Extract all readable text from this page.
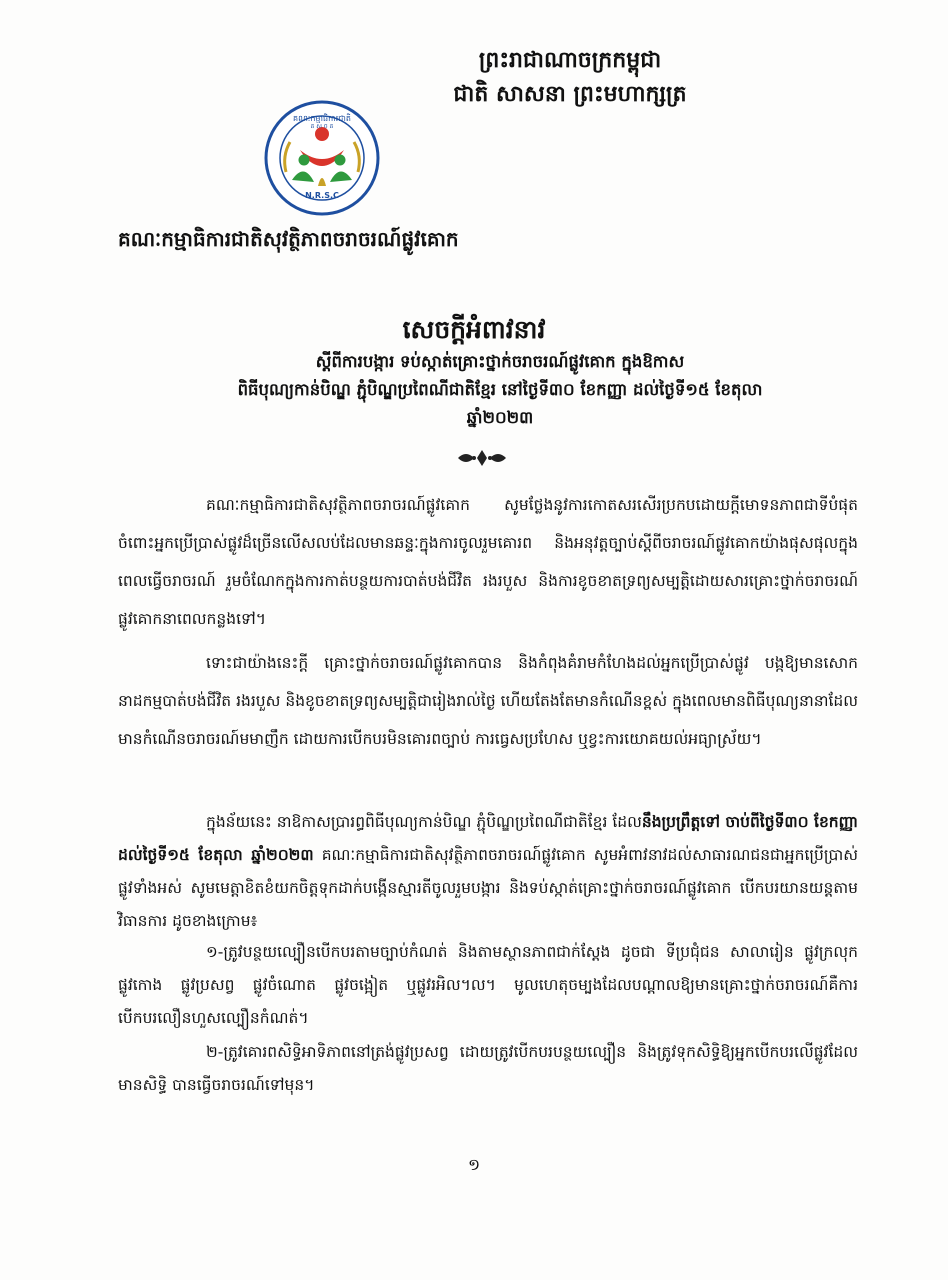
ព្រះរាជាណាចក្រកម្ពុជា
ជាតិ សាសនា ព្រះមហាក្សត្រ
គណៈកម្មាធិការជាតិ
គ ស ច គ
N.R.S.C
គណៈកម្មាធិការជាតិសុវត្ថិភាពចរាចរណ៍ផ្លូវគោក
សេចក្តីអំពាវនាវ
ស្តីពីការបង្ការ ទប់ស្កាត់គ្រោះថ្នាក់ចរាចរណ៍ផ្លូវគោក ក្នុងឱកាស
ពិធីបុណ្យកាន់បិណ្ឌ ភ្ជុំបិណ្ឌប្រពៃណីជាតិខ្មែរ នៅថ្ងៃទី៣០ ខែកញ្ញា ដល់ថ្ងៃទី១៥ ខែតុលា
ឆ្នាំ២០២៣
គណៈកម្មាធិការជាតិសុវត្ថិភាពចរាចរណ៍ផ្លូវគោក សូមថ្លែងនូវការកោតសរសើរប្រកបដោយក្តីមោទនភាពជាទីបំផុត ចំពោះអ្នកប្រើប្រាស់ផ្លូវដ៏ច្រើនលើសលប់ដែលមានឆន្ទៈក្នុងការចូលរួមគោរព និងអនុវត្តច្បាប់ស្តីពីចរាចរណ៍ផ្លូវគោកយ៉ាងផុសផុលក្នុងពេលធ្វើចរាចរណ៍ រួមចំណែកក្នុងការកាត់បន្ថយការបាត់បង់ជីវិត រងរបួស និងការខូចខាតទ្រព្យសម្បត្តិដោយសារគ្រោះថ្នាក់ចរាចរណ៍ផ្លូវគោកនាពេលកន្លងទៅ។
ទោះជាយ៉ាងនេះក្តី គ្រោះថ្នាក់ចរាចរណ៍ផ្លូវគោកបាន និងកំពុងគំរាមកំហែងដល់អ្នកប្រើប្រាស់ផ្លូវ បង្កឱ្យមានសោកនាដកម្មបាត់បង់ជីវិត រងរបួស និងខូចខាតទ្រព្យសម្បត្តិជារៀងរាល់ថ្ងៃ ហើយតែងតែមានកំណើនខ្ពស់ ក្នុងពេលមានពិធីបុណ្យនានាដែលមានកំណើនចរាចរណ៍មមាញឹក ដោយការបើកបរមិនគោរពច្បាប់ ការធ្វេសប្រហែស ឬខ្វះការយោគយល់អធ្យាស្រ័យ។
ក្នុងន័យនេះ នាឱកាសប្រារព្ធពិធីបុណ្យកាន់បិណ្ឌ ភ្ជុំបិណ្ឌប្រពៃណីជាតិខ្មែរ ដែលនឹងប្រព្រឹត្តទៅ ចាប់ពីថ្ងៃទី៣០ ខែកញ្ញា ដល់ថ្ងៃទី១៥ ខែតុលា ឆ្នាំ២០២៣ គណៈកម្មាធិការជាតិសុវត្ថិភាពចរាចរណ៍ផ្លូវគោក សូមអំពាវនាវដល់សាធារណជនជាអ្នកប្រើប្រាស់ផ្លូវទាំងអស់ សូមមេត្តាខិតខំយកចិត្តទុកដាក់បង្កើនស្មារតីចូលរួមបង្ការ និងទប់ស្កាត់គ្រោះថ្នាក់ចរាចរណ៍ផ្លូវគោក បើកបរយានយន្តតាមវិធានការ ដូចខាងក្រោម៖
១-ត្រូវបន្ថយល្បឿនបើកបរតាមច្បាប់កំណត់ និងតាមស្ថានភាពជាក់ស្តែង ដូចជា ទីប្រជុំជន សាលារៀន ផ្លូវក្រលុក ផ្លូវកោង ផ្លូវប្រសព្វ ផ្លូវចំណោត ផ្លូវចង្អៀត ឬផ្លូវរអិល។ល។ មូលហេតុចម្បងដែលបណ្តាលឱ្យមានគ្រោះថ្នាក់ចរាចរណ៍គឺការបើកបរលឿនហួសល្បឿនកំណត់។
២-ត្រូវគោរពសិទ្ធិអាទិភាពនៅត្រង់ផ្លូវប្រសព្វ ដោយត្រូវបើកបរបន្ថយល្បឿន និងត្រូវទុកសិទ្ធិឱ្យអ្នកបើកបរលើផ្លូវដែលមានសិទ្ធិ បានធ្វើចរាចរណ៍ទៅមុន។
១
